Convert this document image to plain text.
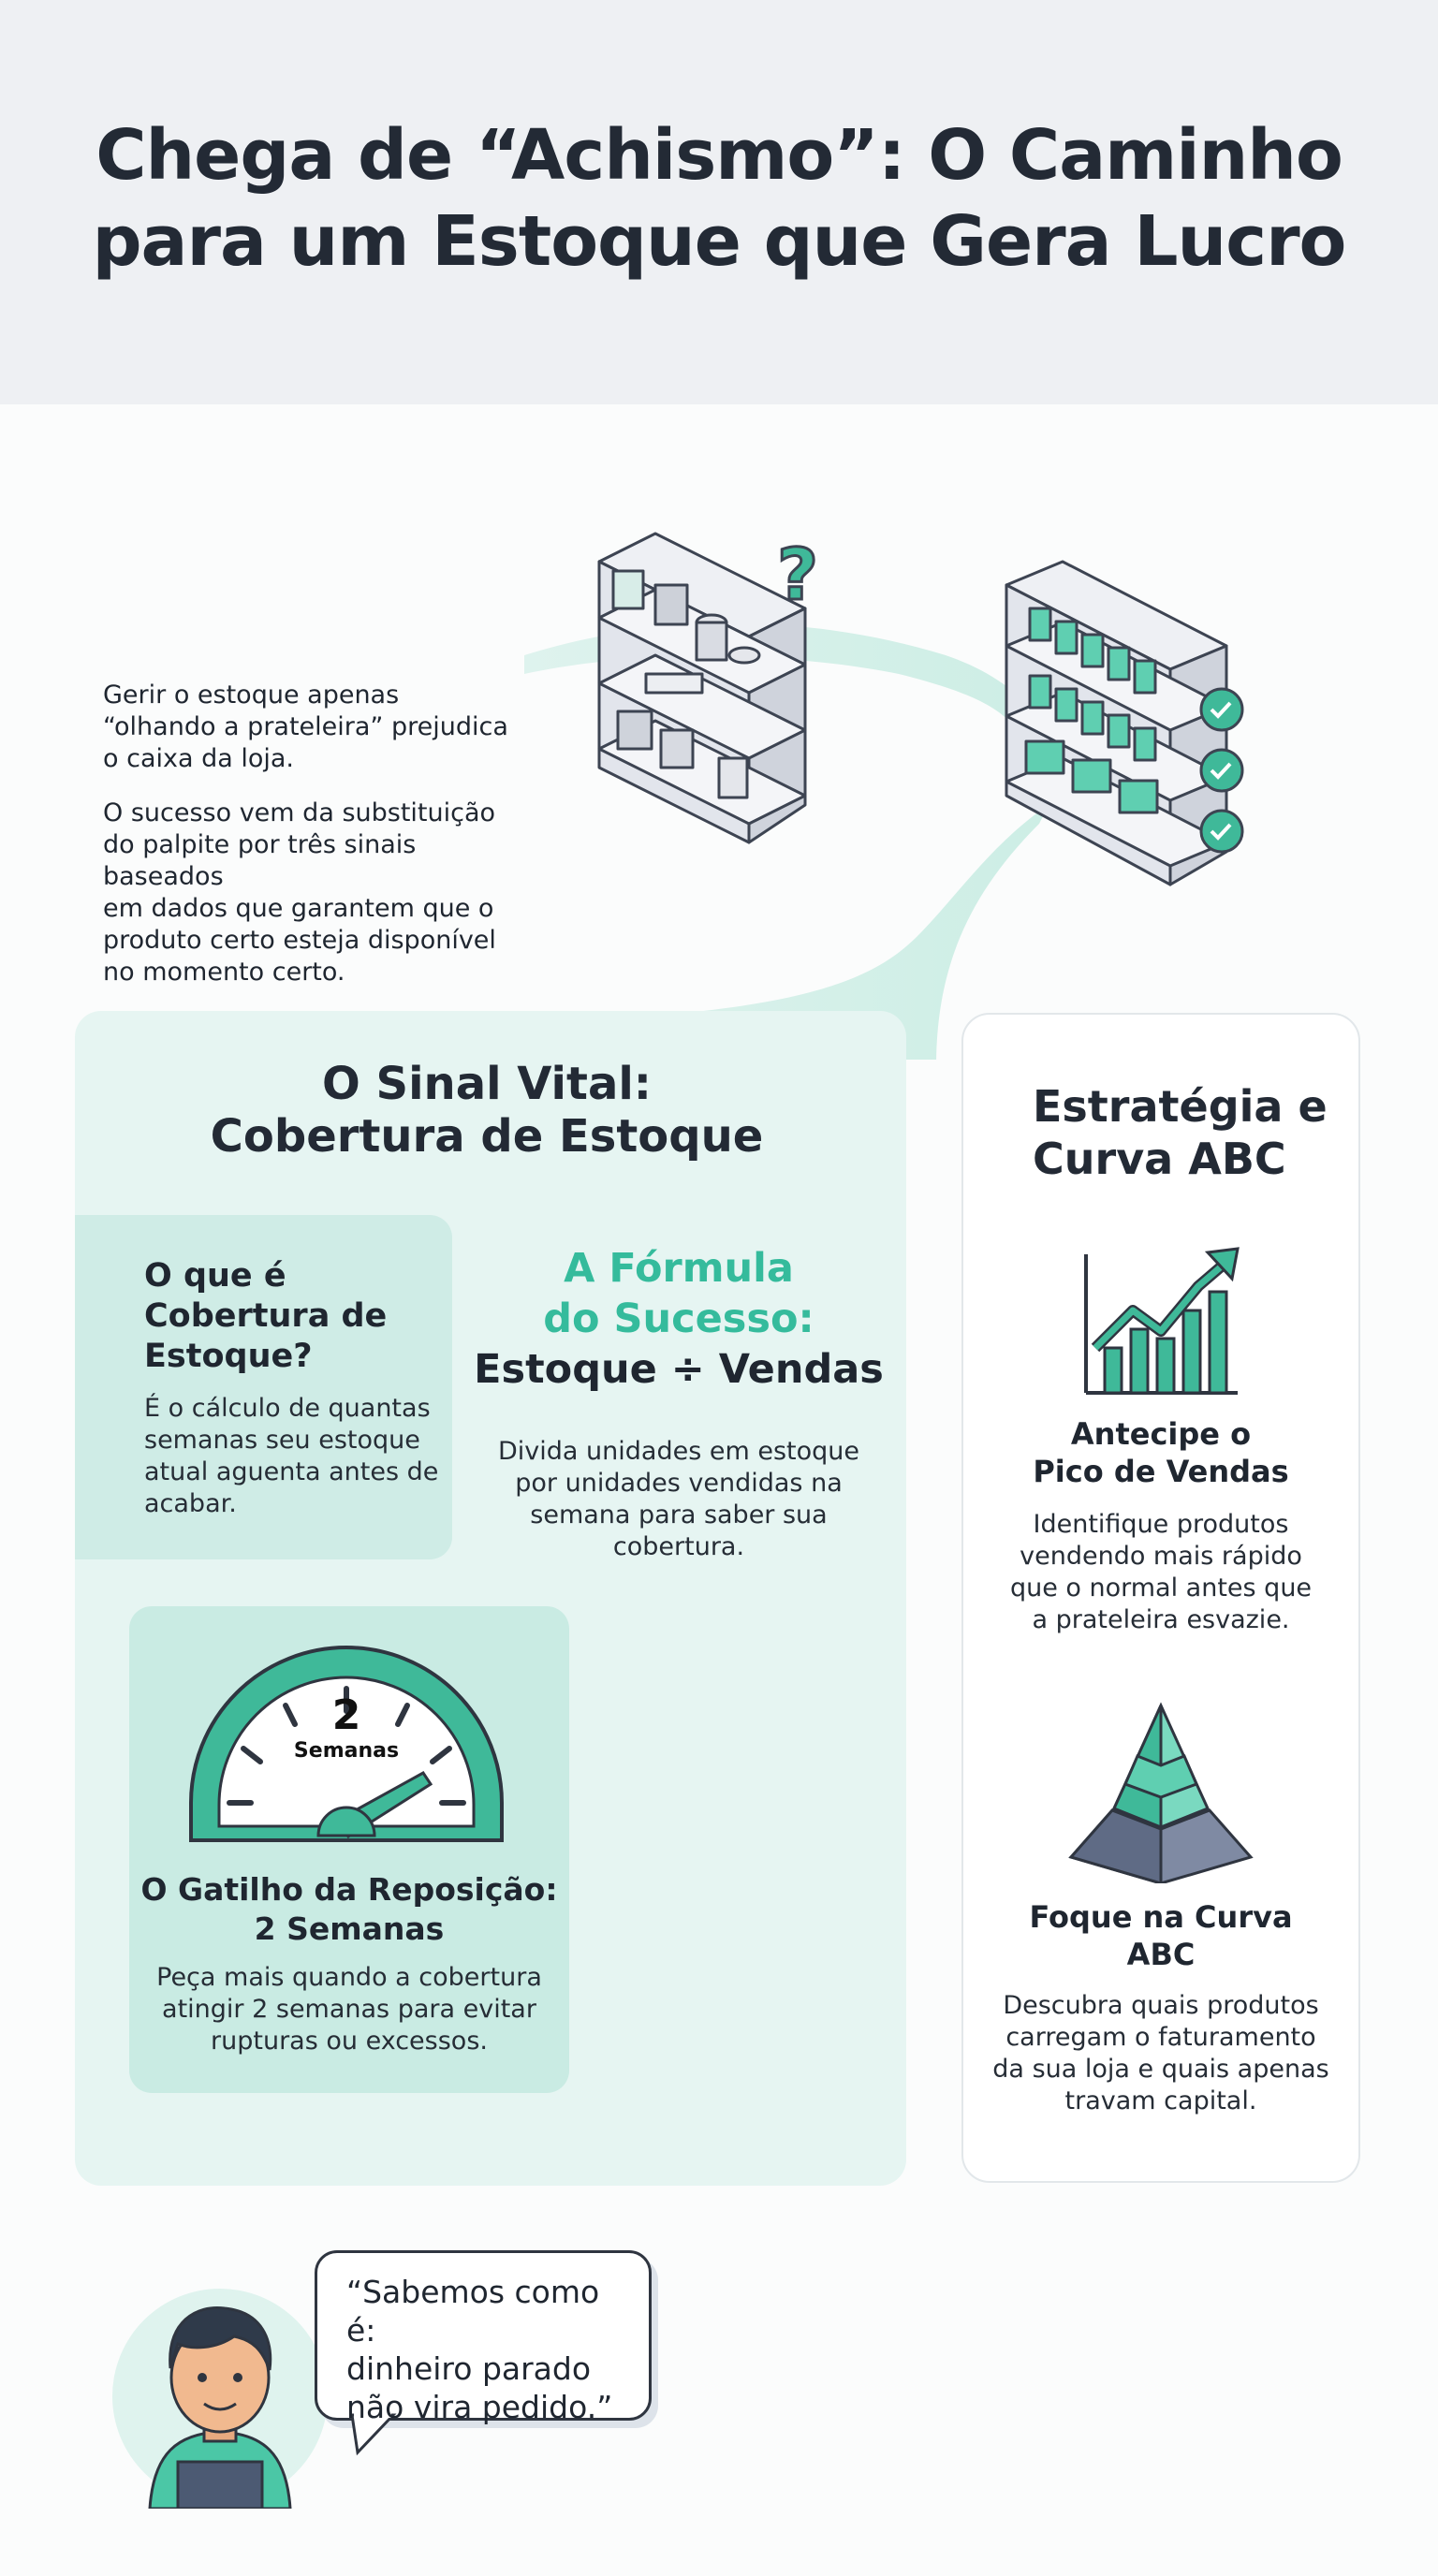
Chega de “Achismo”: O Caminho
para um Estoque que Gera Lucro
?
Gerir o estoque apenas
“olhando a prateleira” prejudica
o caixa da loja.
O sucesso vem da substituição
do palpite por três sinais baseados
em dados que garantem que o
produto certo esteja disponível
no momento certo.
O Sinal Vital:
Cobertura de Estoque
O que é
Cobertura de
Estoque?
É o cálculo de quantas
semanas seu estoque
atual aguenta antes de
acabar.
A Fórmula
do Sucesso:
Estoque ÷ Vendas
Divida unidades em estoque
por unidades vendidas na
semana para saber sua
cobertura.
2
Semanas
O Gatilho da Reposição:
2 Semanas
Peça mais quando a cobertura
atingir 2 semanas para evitar
rupturas ou excessos.
Estratégia e
Curva ABC
Antecipe o
Pico de Vendas
Identifique produtos
vendendo mais rápido
que o normal antes que
a prateleira esvazie.
Foque na Curva
ABC
Descubra quais produtos
carregam o faturamento
da sua loja e quais apenas
travam capital.
“Sabemos como é:
dinheiro parado
não vira pedido.”
